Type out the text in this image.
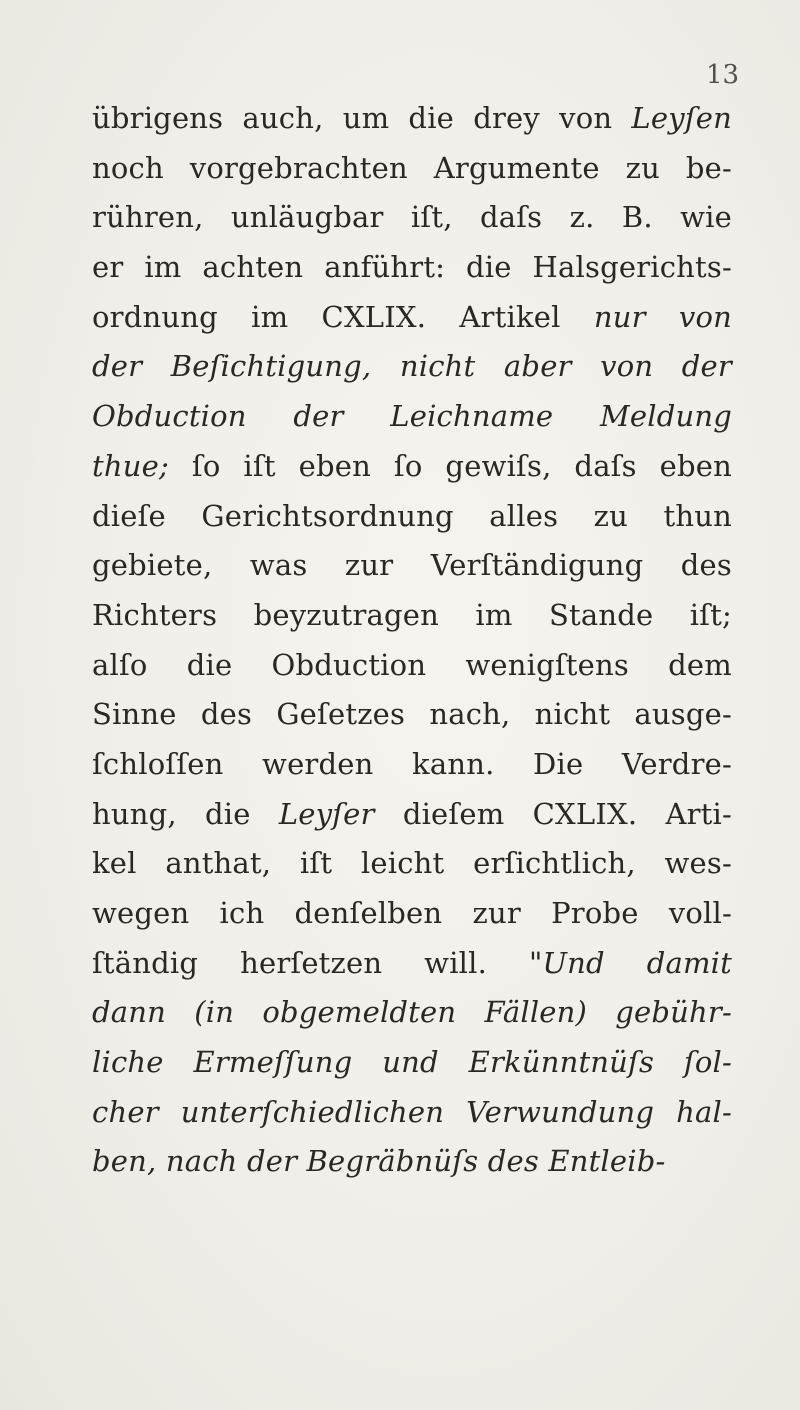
13
übrigens auch, um die drey von Leyſen
noch vorgebrachten Argumente zu be-
rühren, unläugbar iſt, daſs z. B. wie
er im achten anführt: die Halsgerichts-
ordnung im CXLIX. Artikel nur von
der Beſichtigung, nicht aber von der
Obduction der Leichname Meldung
thue; ſo iſt eben ſo gewiſs, daſs eben
dieſe Gerichtsordnung alles zu thun
gebiete, was zur Verſtändigung des
Richters beyzutragen im Stande iſt;
alſo die Obduction wenigſtens dem
Sinne des Geſetzes nach, nicht ausge-
ſchloſſen werden kann. Die Verdre-
hung, die Leyſer dieſem CXLIX. Arti-
kel anthat, iſt leicht erſichtlich, wes-
wegen ich denſelben zur Probe voll-
ſtändig herſetzen will. "Und damit
dann (in obgemeldten Fällen) gebühr-
liche Ermeſſung und Erkünntnüſs ſol-
cher unterſchiedlichen Verwundung hal-
ben, nach der Begräbnüſs des Entleib-
